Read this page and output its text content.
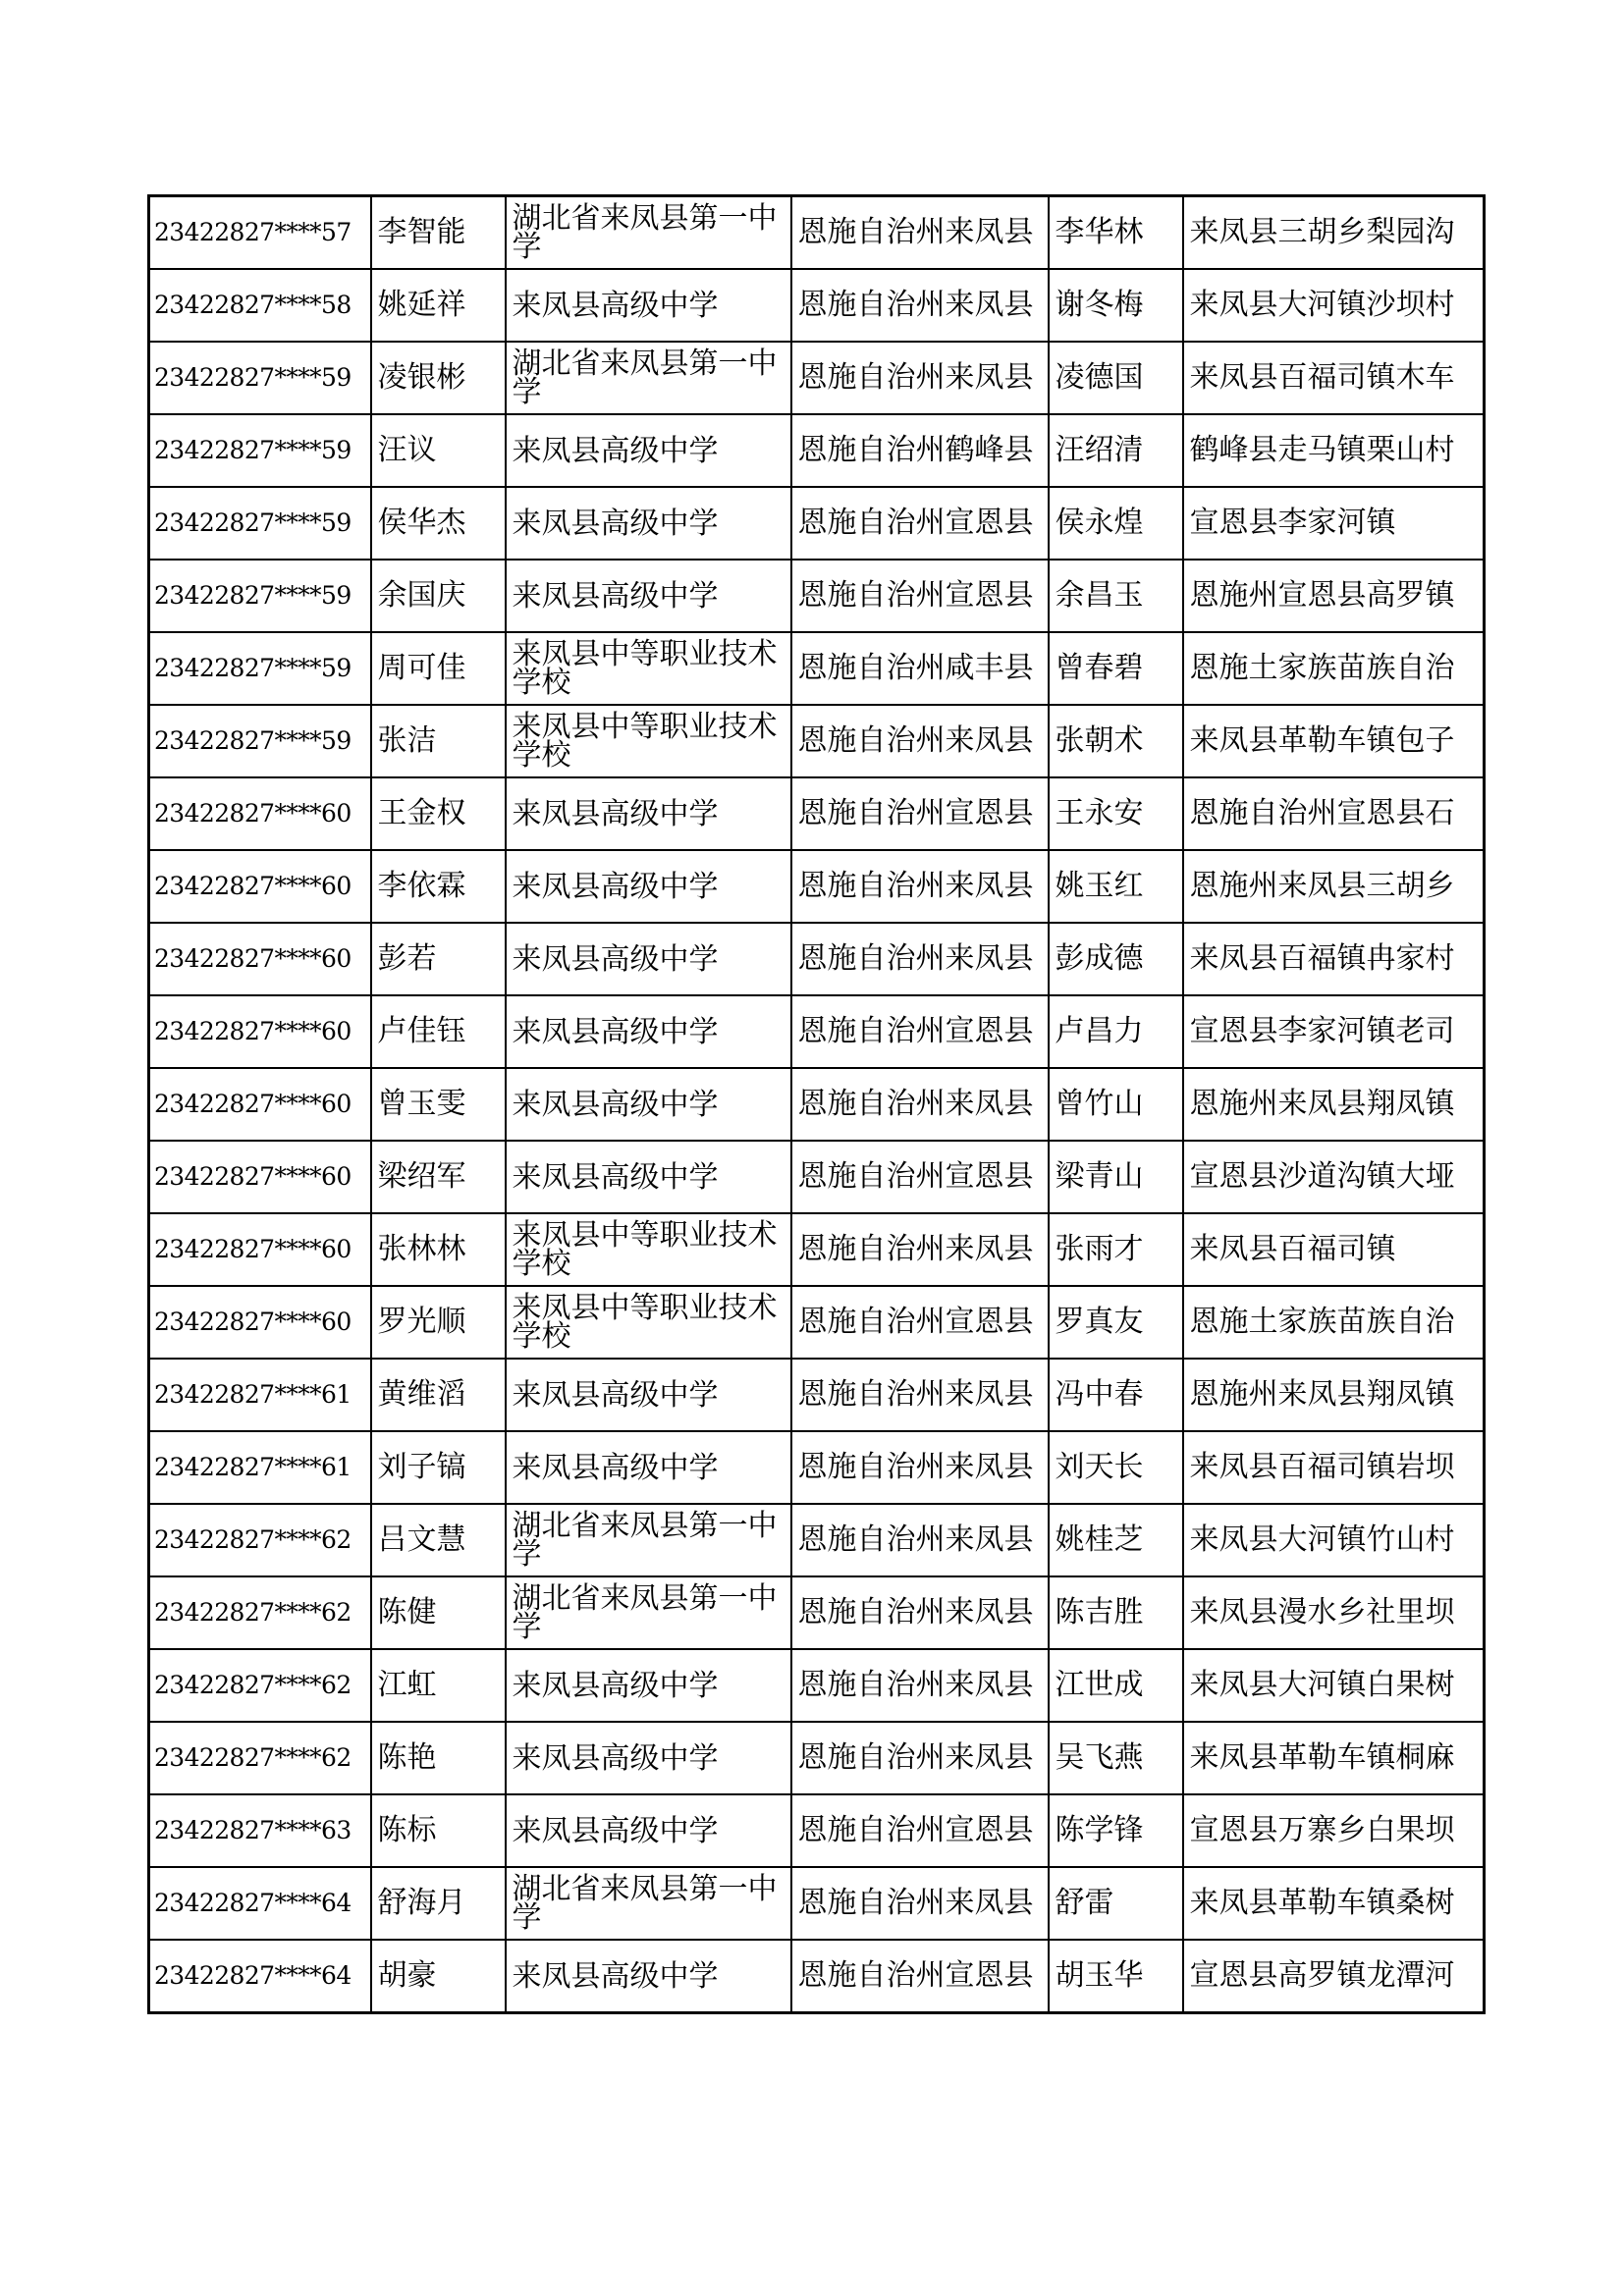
23422827****57	李智能	湖北省来凤县第一中学	恩施自治州来凤县	李华林	来凤县三胡乡梨园沟
23422827****58	姚延祥	来凤县高级中学	恩施自治州来凤县	谢冬梅	来凤县大河镇沙坝村
23422827****59	凌银彬	湖北省来凤县第一中学	恩施自治州来凤县	凌德国	来凤县百福司镇木车
23422827****59	汪议	来凤县高级中学	恩施自治州鹤峰县	汪绍清	鹤峰县走马镇栗山村
23422827****59	侯华杰	来凤县高级中学	恩施自治州宣恩县	侯永煌	宣恩县李家河镇
23422827****59	余国庆	来凤县高级中学	恩施自治州宣恩县	余昌玉	恩施州宣恩县高罗镇
23422827****59	周可佳	来凤县中等职业技术学校	恩施自治州咸丰县	曾春碧	恩施土家族苗族自治
23422827****59	张洁	来凤县中等职业技术学校	恩施自治州来凤县	张朝术	来凤县革勒车镇包子
23422827****60	王金权	来凤县高级中学	恩施自治州宣恩县	王永安	恩施自治州宣恩县石
23422827****60	李依霖	来凤县高级中学	恩施自治州来凤县	姚玉红	恩施州来凤县三胡乡
23422827****60	彭若	来凤县高级中学	恩施自治州来凤县	彭成德	来凤县百福镇冉家村
23422827****60	卢佳钰	来凤县高级中学	恩施自治州宣恩县	卢昌力	宣恩县李家河镇老司
23422827****60	曾玉雯	来凤县高级中学	恩施自治州来凤县	曾竹山	恩施州来凤县翔凤镇
23422827****60	梁绍军	来凤县高级中学	恩施自治州宣恩县	梁青山	宣恩县沙道沟镇大垭
23422827****60	张林林	来凤县中等职业技术学校	恩施自治州来凤县	张雨才	来凤县百福司镇
23422827****60	罗光顺	来凤县中等职业技术学校	恩施自治州宣恩县	罗真友	恩施土家族苗族自治
23422827****61	黄维滔	来凤县高级中学	恩施自治州来凤县	冯中春	恩施州来凤县翔凤镇
23422827****61	刘子镐	来凤县高级中学	恩施自治州来凤县	刘天长	来凤县百福司镇岩坝
23422827****62	吕文慧	湖北省来凤县第一中学	恩施自治州来凤县	姚桂芝	来凤县大河镇竹山村
23422827****62	陈健	湖北省来凤县第一中学	恩施自治州来凤县	陈吉胜	来凤县漫水乡社里坝
23422827****62	江虹	来凤县高级中学	恩施自治州来凤县	江世成	来凤县大河镇白果树
23422827****62	陈艳	来凤县高级中学	恩施自治州来凤县	吴飞燕	来凤县革勒车镇桐麻
23422827****63	陈标	来凤县高级中学	恩施自治州宣恩县	陈学锋	宣恩县万寨乡白果坝
23422827****64	舒海月	湖北省来凤县第一中学	恩施自治州来凤县	舒雷	来凤县革勒车镇桑树
23422827****64	胡豪	来凤县高级中学	恩施自治州宣恩县	胡玉华	宣恩县高罗镇龙潭河
